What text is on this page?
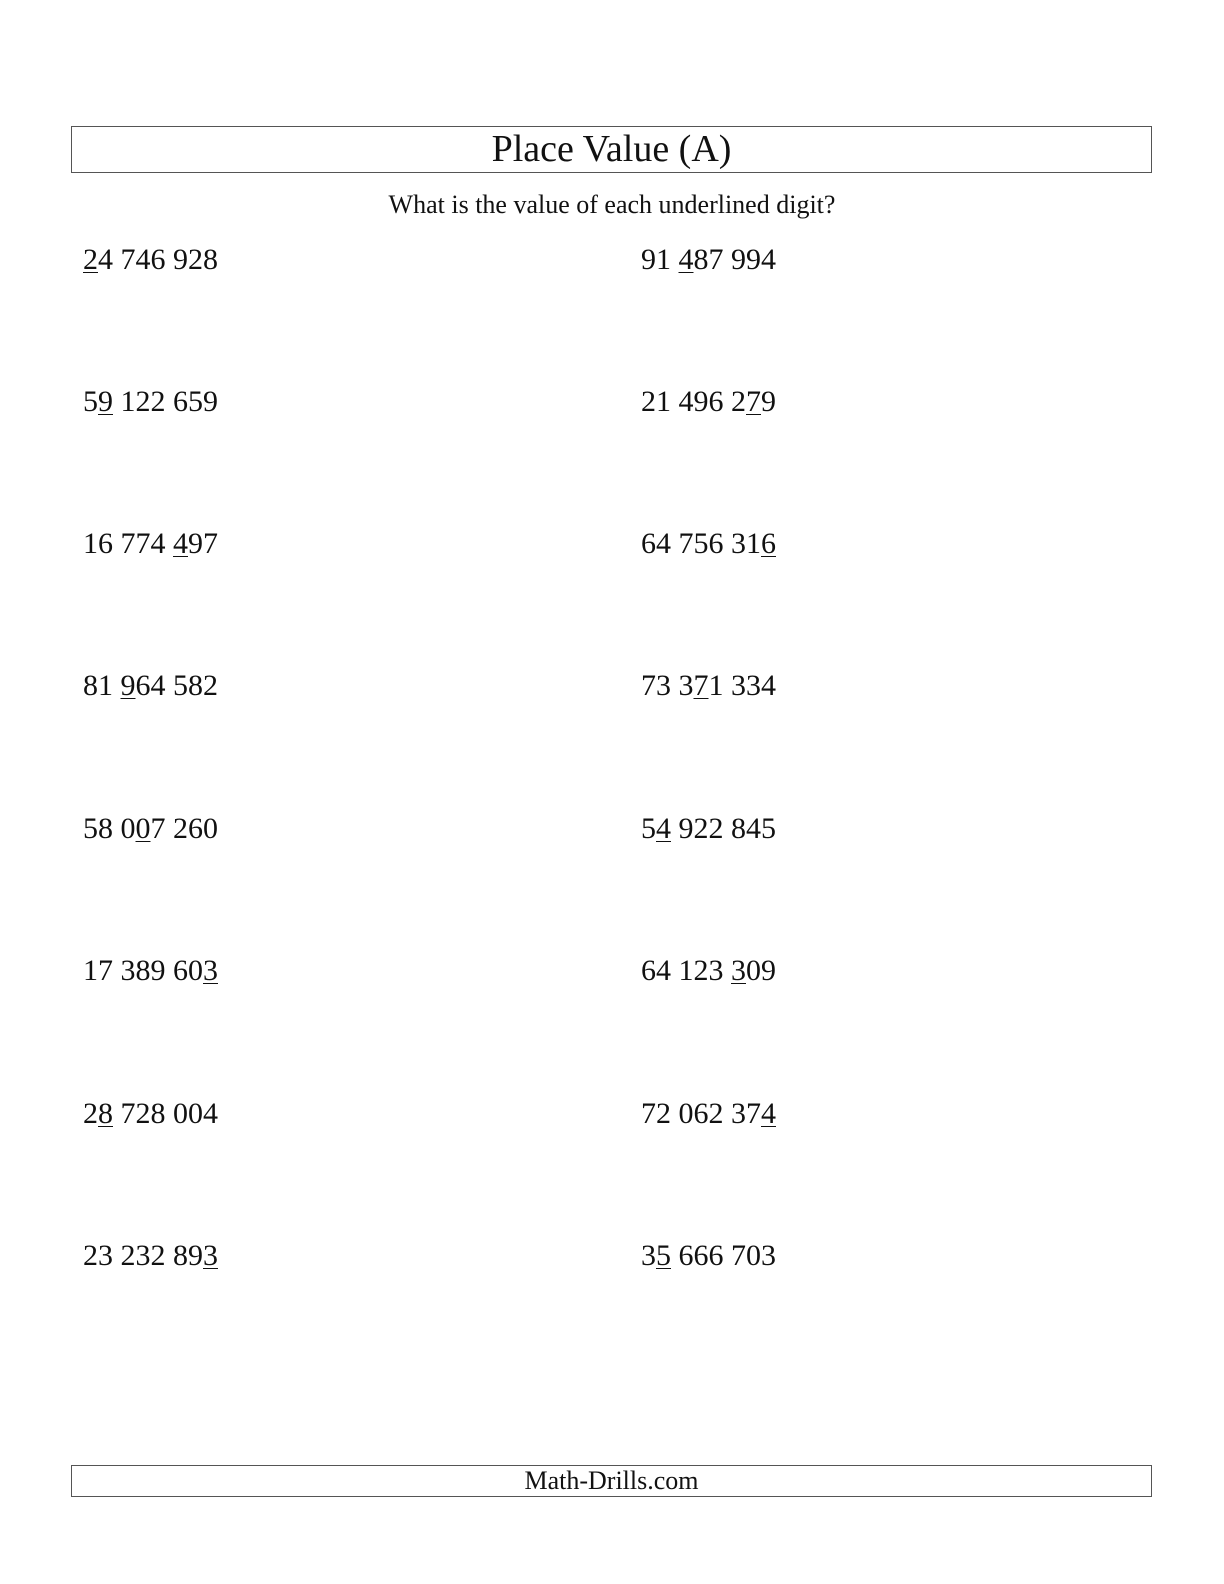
Place Value (A)
What is the value of each underlined digit?
24 746 928	91 487 994
59 122 659	21 496 279
16 774 497	64 756 316
81 964 582	73 371 334
58 007 260	54 922 845
17 389 603	64 123 309
28 728 004	72 062 374
23 232 893	35 666 703
Math-Drills.com
